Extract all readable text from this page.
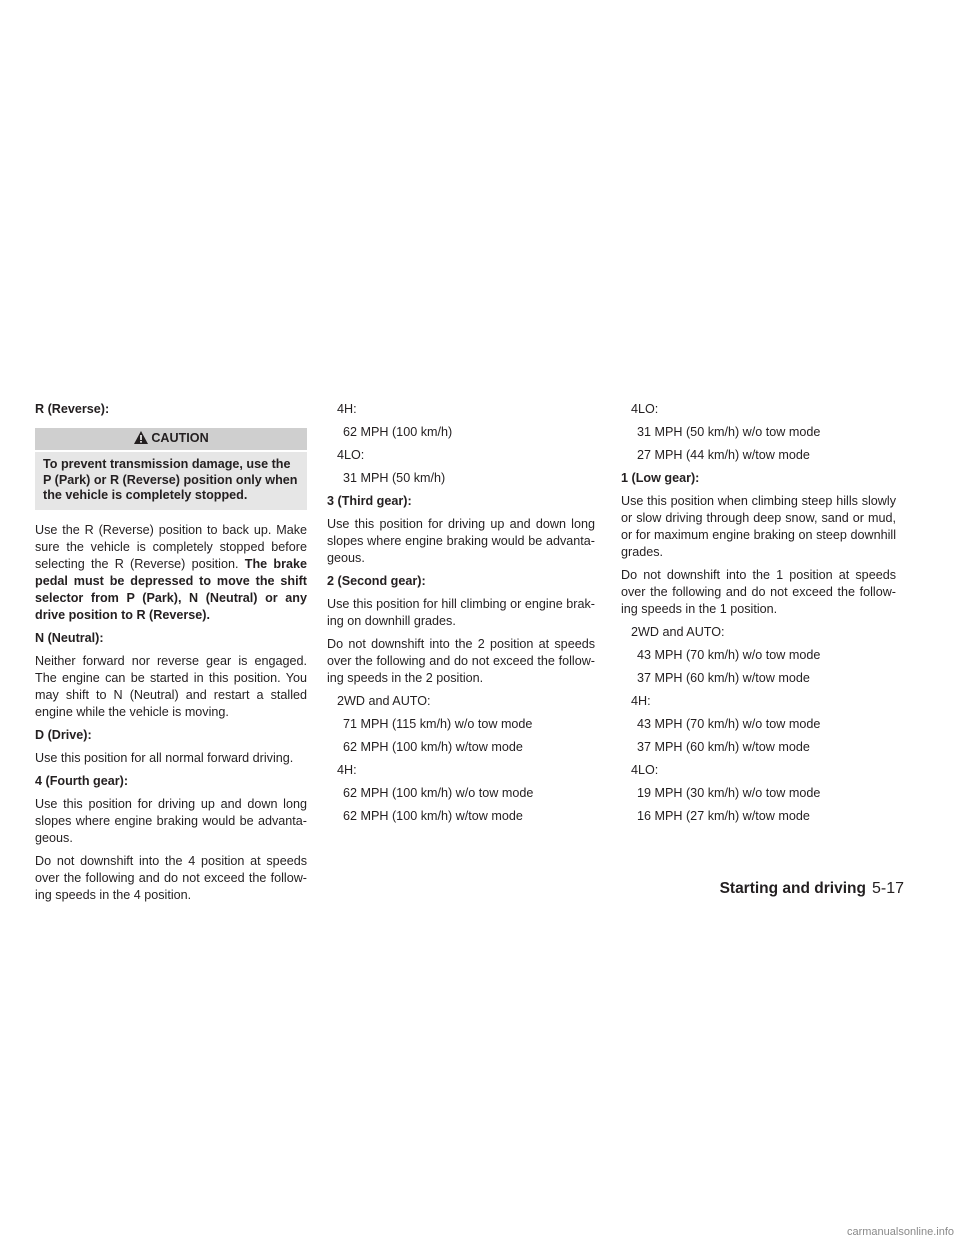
R (Reverse):
CAUTION
To prevent transmission damage, use the P (Park) or R (Reverse) position only when the vehicle is completely stopped.

Use the R (Reverse) position to back up. Make sure the vehicle is completely stopped before selecting the R (Reverse) position. The brake pedal must be depressed to move the shift selector from P (Park), N (Neutral) or any drive position to R (Reverse).

N (Neutral):

Neither forward nor reverse gear is engaged. The engine can be started in this position. You may shift to N (Neutral) and restart a stalled engine while the vehicle is moving.

D (Drive):

Use this position for all normal forward driving.

4 (Fourth gear):

Use this position for driving up and down long slopes where engine braking would be advanta-geous.

Do not downshift into the 4 position at speeds over the following and do not exceed the follow-ing speeds in the 4 position.

4H:
62 MPH (100 km/h)
4LO:
31 MPH (50 km/h)
3 (Third gear):

Use this position for driving up and down long slopes where engine braking would be advanta-geous.

2 (Second gear):

Use this position for hill climbing or engine brak-ing on downhill grades.

Do not downshift into the 2 position at speeds over the following and do not exceed the follow-ing speeds in the 2 position.

2WD and AUTO:
71 MPH (115 km/h) w/o tow mode
62 MPH (100 km/h) w/tow mode
4H:
62 MPH (100 km/h) w/o tow mode
62 MPH (100 km/h) w/tow mode
4LO:
31 MPH (50 km/h) w/o tow mode
27 MPH (44 km/h) w/tow mode
1 (Low gear):

Use this position when climbing steep hills slowly or slow driving through deep snow, sand or mud, or for maximum engine braking on steep downhill grades.

Do not downshift into the 1 position at speeds over the following and do not exceed the follow-ing speeds in the 1 position.

2WD and AUTO:
43 MPH (70 km/h) w/o tow mode
37 MPH (60 km/h) w/tow mode
4H:
43 MPH (70 km/h) w/o tow mode
37 MPH (60 km/h) w/tow mode
4LO:
19 MPH (30 km/h) w/o tow mode
16 MPH (27 km/h) w/tow mode
Starting and driving 5-17
carmanualsonline.info
